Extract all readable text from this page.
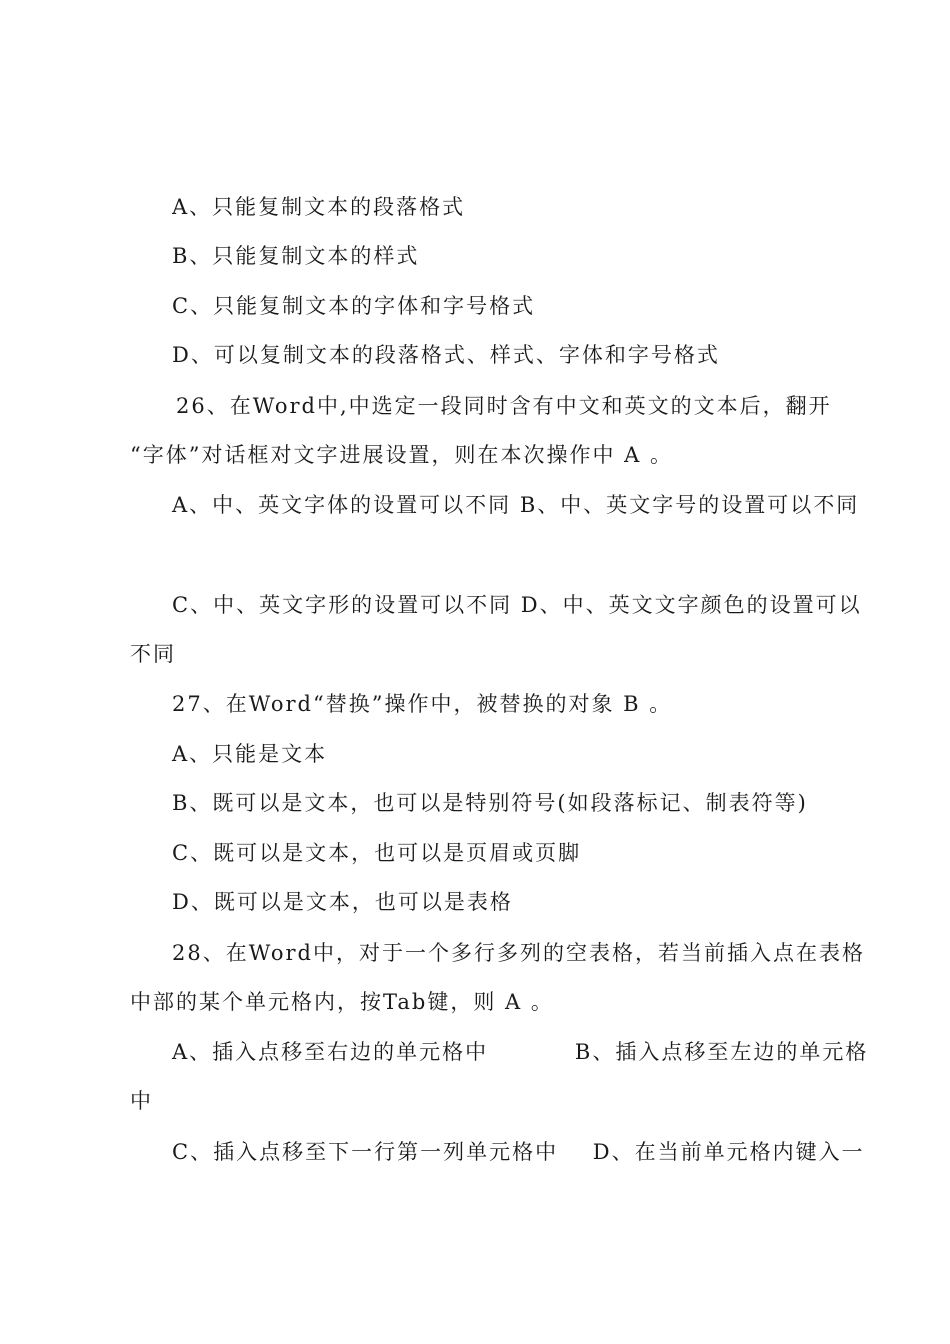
A、只能复制文本的段落格式
B、只能复制文本的样式
C、只能复制文本的字体和字号格式
D、可以复制文本的段落格式、样式、字体和字号格式
26、在Word中,中选定一段同时含有中文和英文的文本后，翻开
“字体”对话框对文字进展设置，则在本次操作中 A 。
A、中、英文字体的设置可以不同 B、中、英文字号的设置可以不同
C、中、英文字形的设置可以不同 D、中、英文文字颜色的设置可以
不同
27、在Word“替换”操作中，被替换的对象 B 。
A、只能是文本
B、既可以是文本，也可以是特别符号(如段落标记、制表符等)
C、既可以是文本，也可以是页眉或页脚
D、既可以是文本，也可以是表格
28、在Word中，对于一个多行多列的空表格，若当前插入点在表格
中部的某个单元格内，按Tab键，则 A 。
A、插入点移至右边的单元格中          B、插入点移至左边的单元格
中
C、插入点移至下一行第一列单元格中    D、在当前单元格内键入一
